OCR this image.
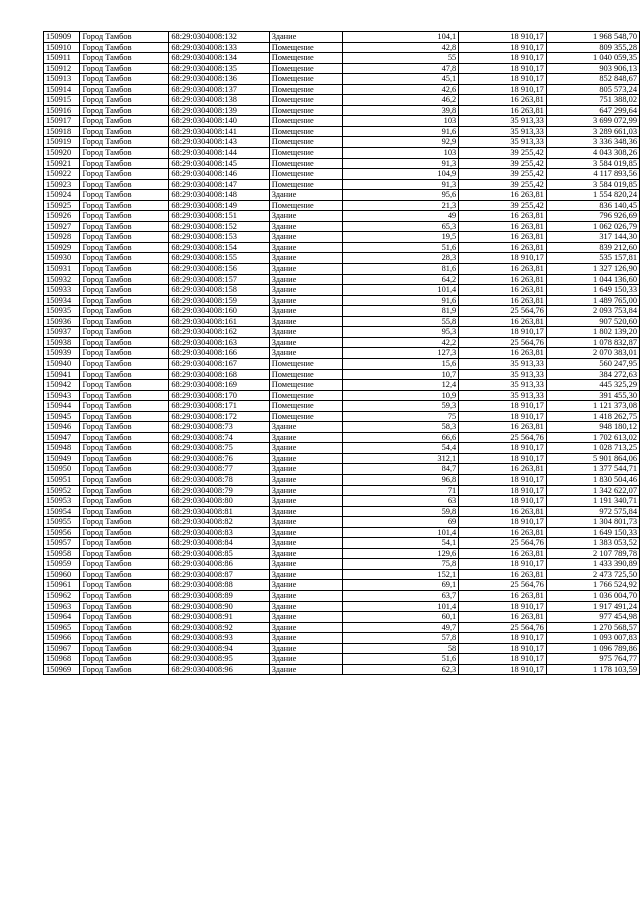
150909	Город Тамбов	68:29:0304008:132	Здание	104,1	18 910,17	1 968 548,70
150910	Город Тамбов	68:29:0304008:133	Помещение	42,8	18 910,17	809 355,28
150911	Город Тамбов	68:29:0304008:134	Помещение	55	18 910,17	1 040 059,35
150912	Город Тамбов	68:29:0304008:135	Помещение	47,8	18 910,17	903 906,13
150913	Город Тамбов	68:29:0304008:136	Помещение	45,1	18 910,17	852 848,67
150914	Город Тамбов	68:29:0304008:137	Помещение	42,6	18 910,17	805 573,24
150915	Город Тамбов	68:29:0304008:138	Помещение	46,2	16 263,81	751 388,02
150916	Город Тамбов	68:29:0304008:139	Помещение	39,8	16 263,81	647 299,64
150917	Город Тамбов	68:29:0304008:140	Помещение	103	35 913,33	3 699 072,99
150918	Город Тамбов	68:29:0304008:141	Помещение	91,6	35 913,33	3 289 661,03
150919	Город Тамбов	68:29:0304008:143	Помещение	92,9	35 913,33	3 336 348,36
150920	Город Тамбов	68:29:0304008:144	Помещение	103	39 255,42	4 043 308,26
150921	Город Тамбов	68:29:0304008:145	Помещение	91,3	39 255,42	3 584 019,85
150922	Город Тамбов	68:29:0304008:146	Помещение	104,9	39 255,42	4 117 893,56
150923	Город Тамбов	68:29:0304008:147	Помещение	91,3	39 255,42	3 584 019,85
150924	Город Тамбов	68:29:0304008:148	Здание	95,6	16 263,81	1 554 820,24
150925	Город Тамбов	68:29:0304008:149	Помещение	21,3	39 255,42	836 140,45
150926	Город Тамбов	68:29:0304008:151	Здание	49	16 263,81	796 926,69
150927	Город Тамбов	68:29:0304008:152	Здание	65,3	16 263,81	1 062 026,79
150928	Город Тамбов	68:29:0304008:153	Здание	19,5	16 263,81	317 144,30
150929	Город Тамбов	68:29:0304008:154	Здание	51,6	16 263,81	839 212,60
150930	Город Тамбов	68:29:0304008:155	Здание	28,3	18 910,17	535 157,81
150931	Город Тамбов	68:29:0304008:156	Здание	81,6	16 263,81	1 327 126,90
150932	Город Тамбов	68:29:0304008:157	Здание	64,2	16 263,81	1 044 136,60
150933	Город Тамбов	68:29:0304008:158	Здание	101,4	16 263,81	1 649 150,33
150934	Город Тамбов	68:29:0304008:159	Здание	91,6	16 263,81	1 489 765,00
150935	Город Тамбов	68:29:0304008:160	Здание	81,9	25 564,76	2 093 753,84
150936	Город Тамбов	68:29:0304008:161	Здание	55,8	16 263,81	907 520,60
150937	Город Тамбов	68:29:0304008:162	Здание	95,3	18 910,17	1 802 139,20
150938	Город Тамбов	68:29:0304008:163	Здание	42,2	25 564,76	1 078 832,87
150939	Город Тамбов	68:29:0304008:166	Здание	127,3	16 263,81	2 070 383,01
150940	Город Тамбов	68:29:0304008:167	Помещение	15,6	35 913,33	560 247,95
150941	Город Тамбов	68:29:0304008:168	Помещение	10,7	35 913,33	384 272,63
150942	Город Тамбов	68:29:0304008:169	Помещение	12,4	35 913,33	445 325,29
150943	Город Тамбов	68:29:0304008:170	Помещение	10,9	35 913,33	391 455,30
150944	Город Тамбов	68:29:0304008:171	Помещение	59,3	18 910,17	1 121 373,08
150945	Город Тамбов	68:29:0304008:172	Помещение	75	18 910,17	1 418 262,75
150946	Город Тамбов	68:29:0304008:73	Здание	58,3	16 263,81	948 180,12
150947	Город Тамбов	68:29:0304008:74	Здание	66,6	25 564,76	1 702 613,02
150948	Город Тамбов	68:29:0304008:75	Здание	54,4	18 910,17	1 028 713,25
150949	Город Тамбов	68:29:0304008:76	Здание	312,1	18 910,17	5 901 864,06
150950	Город Тамбов	68:29:0304008:77	Здание	84,7	16 263,81	1 377 544,71
150951	Город Тамбов	68:29:0304008:78	Здание	96,8	18 910,17	1 830 504,46
150952	Город Тамбов	68:29:0304008:79	Здание	71	18 910,17	1 342 622,07
150953	Город Тамбов	68:29:0304008:80	Здание	63	18 910,17	1 191 340,71
150954	Город Тамбов	68:29:0304008:81	Здание	59,8	16 263,81	972 575,84
150955	Город Тамбов	68:29:0304008:82	Здание	69	18 910,17	1 304 801,73
150956	Город Тамбов	68:29:0304008:83	Здание	101,4	16 263,81	1 649 150,33
150957	Город Тамбов	68:29:0304008:84	Здание	54,1	25 564,76	1 383 053,52
150958	Город Тамбов	68:29:0304008:85	Здание	129,6	16 263,81	2 107 789,78
150959	Город Тамбов	68:29:0304008:86	Здание	75,8	18 910,17	1 433 390,89
150960	Город Тамбов	68:29:0304008:87	Здание	152,1	16 263,81	2 473 725,50
150961	Город Тамбов	68:29:0304008:88	Здание	69,1	25 564,76	1 766 524,92
150962	Город Тамбов	68:29:0304008:89	Здание	63,7	16 263,81	1 036 004,70
150963	Город Тамбов	68:29:0304008:90	Здание	101,4	18 910,17	1 917 491,24
150964	Город Тамбов	68:29:0304008:91	Здание	60,1	16 263,81	977 454,98
150965	Город Тамбов	68:29:0304008:92	Здание	49,7	25 564,76	1 270 568,57
150966	Город Тамбов	68:29:0304008:93	Здание	57,8	18 910,17	1 093 007,83
150967	Город Тамбов	68:29:0304008:94	Здание	58	18 910,17	1 096 789,86
150968	Город Тамбов	68:29:0304008:95	Здание	51,6	18 910,17	975 764,77
150969	Город Тамбов	68:29:0304008:96	Здание	62,3	18 910,17	1 178 103,59
